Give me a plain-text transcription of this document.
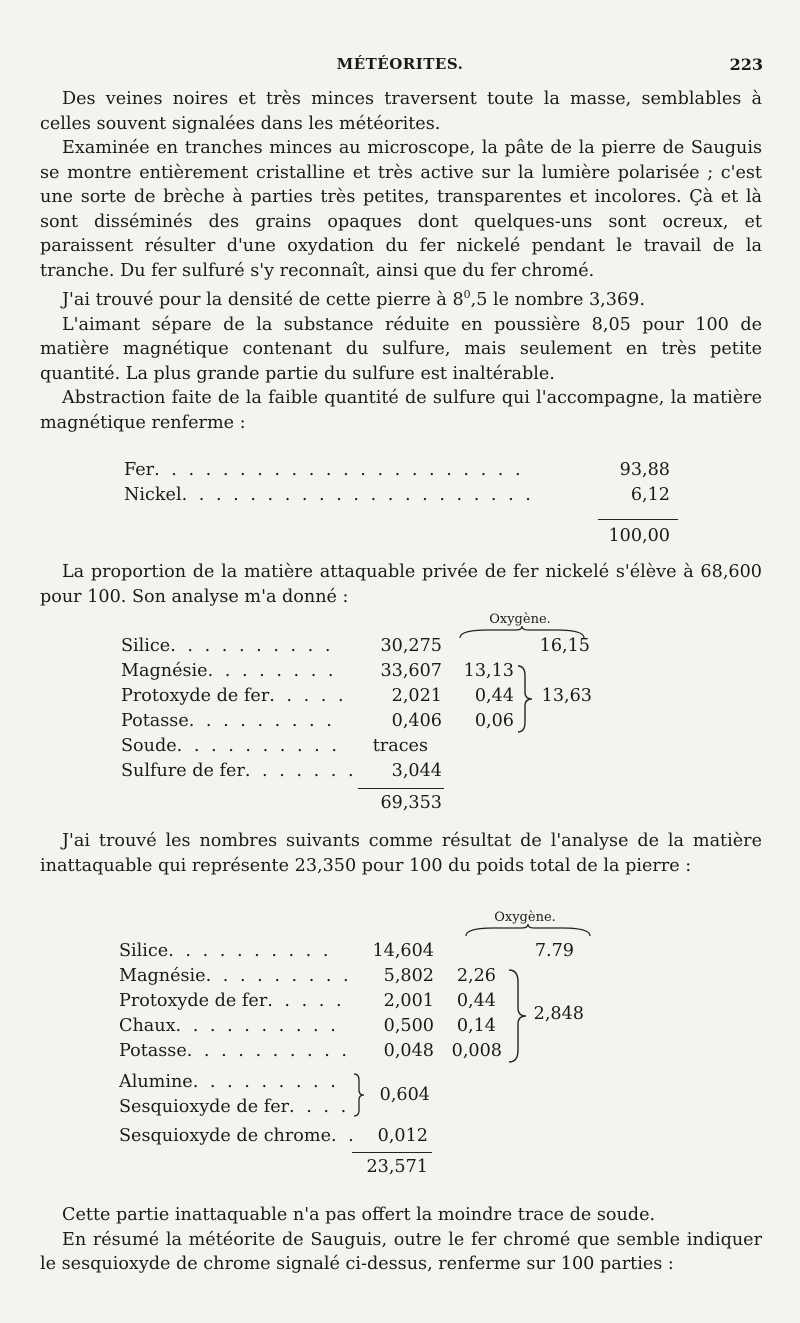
MÉTÉORITES.	223

Des veines noires et très minces traversent toute la masse, semblables à celles souvent signalées dans les météorites.

Examinée en tranches minces au microscope, la pâte de la pierre de Sauguis se montre entièrement cristalline et très active sur la lumière polarisée ; c'est une sorte de brèche à parties très petites, transparentes et incolores. Çà et là sont disséminés des grains opaques dont quelques-uns sont ocreux, et paraissent résulter d'une oxydation du fer nickelé pendant le travail de la tranche. Du fer sulfuré s'y reconnaît, ainsi que du fer chromé.

J'ai trouvé pour la densité de cette pierre à $8^0,5$ le nombre 3,369.

L'aimant sépare de la substance réduite en poussière 8,05 pour 100 de matière magnétique contenant du sulfure, mais seulement en très petite quantité. La plus grande partie du sulfure est inaltérable.

Abstraction faite de la faible quantité de sulfure qui l'accompagne, la matière magnétique renferme :

Fer. . . . . . . . . . . . . . . . . . . . . .	93,88
Nickel. . . . . . . . . . . . . . . . . . . . .	6,12
100,00

La proportion de la matière attaquable privée de fer nickelé s'élève à 68,600 pour 100. Son analyse m'a donné :

Oxygène.
Silice. . . . . . . . . .	30,275	16,15
Magnésie. . . . . . . .	33,607	13,13
Protoxyde de fer. . . . .	2,021	0,44
Potasse. . . . . . . . .	0,406	0,06
13,63
Soude. . . . . . . . . .	traces
Sulfure de fer. . . . . . .	3,044
69,353

J'ai trouvé les nombres suivants comme résultat de l'analyse de la matière inattaquable qui représente 23,350 pour 100 du poids total de la pierre :

Oxygène.
Silice. . . . . . . . . .	14,604	7.79
Magnésie. . . . . . . . .	5,802	2,26
Protoxyde de fer. . . . .	2,001	0,44
Chaux. . . . . . . . . .	0,500	0,14
Potasse. . . . . . . . . .	0,048	0,008
2,848
Alumine. . . . . . . . .
Sesquioxyde de fer. . . .
0,604
Sesquioxyde de chrome. .	0,012
23,571

Cette partie inattaquable n'a pas offert la moindre trace de soude.

En résumé la météorite de Sauguis, outre le fer chromé que semble indiquer le sesquioxyde de chrome signalé ci-dessus, renferme sur 100 parties :
